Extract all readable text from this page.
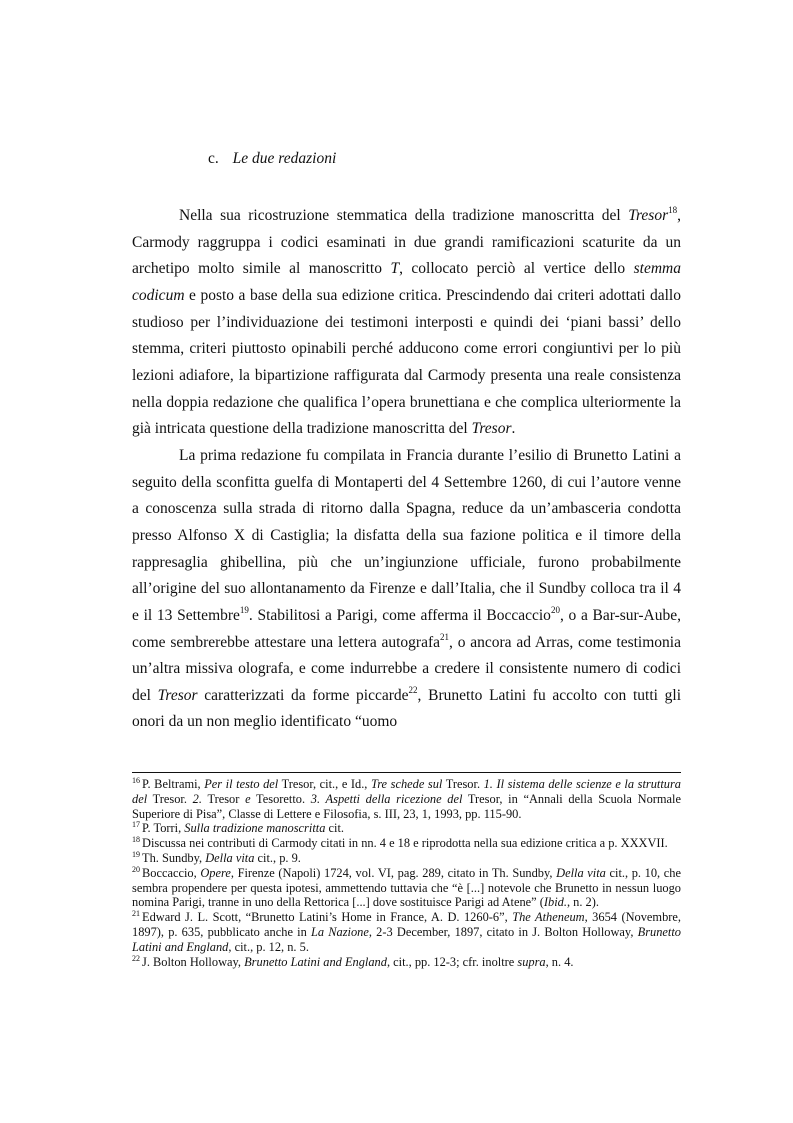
c. Le due redazioni

Nella sua ricostruzione stemmatica della tradizione manoscritta del Tresor$^{18}$, Carmody raggruppa i codici esaminati in due grandi ramificazioni scaturite da un archetipo molto simile al manoscritto T, collocato perciò al vertice dello stemma codicum e posto a base della sua edizione critica. Prescindendo dai criteri adottati dallo studioso per l’individuazione dei testimoni interposti e quindi dei ‘piani bassi’ dello stemma, criteri piuttosto opinabili perché adducono come errori congiuntivi per lo più lezioni adiafore, la bipartizione raffigurata dal Carmody presenta una reale consistenza nella doppia redazione che qualifica l’opera brunettiana e che complica ulteriormente la già intricata questione della tradizione manoscritta del Tresor.

La prima redazione fu compilata in Francia durante l’esilio di Brunetto Latini a seguito della sconfitta guelfa di Montaperti del 4 Settembre 1260, di cui l’autore venne a conoscenza sulla strada di ritorno dalla Spagna, reduce da un’ambasceria condotta presso Alfonso X di Castiglia; la disfatta della sua fazione politica e il timore della rappresaglia ghibellina, più che un’ingiunzione ufficiale, furono probabilmente all’origine del suo allontanamento da Firenze e dall’Italia, che il Sundby colloca tra il 4 e il 13 Settembre$^{19}$. Stabilitosi a Parigi, come afferma il Boccaccio$^{20}$, o a Bar-sur-Aube, come sembrerebbe attestare una lettera autografa$^{21}$, o ancora ad Arras, come testimonia un’altra missiva olografa, e come indurrebbe a credere il consistente numero di codici del Tresor caratterizzati da forme piccarde$^{22}$, Brunetto Latini fu accolto con tutti gli onori da un non meglio identificato “uomo

$^{16}$ P. Beltrami, Per il testo del Tresor, cit., e Id., Tre schede sul Tresor. 1. Il sistema delle scienze e la struttura del Tresor. 2. Tresor e Tesoretto. 3. Aspetti della ricezione del Tresor, in “Annali della Scuola Normale Superiore di Pisa”, Classe di Lettere e Filosofia, s. III, 23, 1, 1993, pp. 115-90.

$^{17}$ P. Torri, Sulla tradizione manoscritta cit.

$^{18}$ Discussa nei contributi di Carmody citati in nn. 4 e 18 e riprodotta nella sua edizione critica a p. XXXVII.

$^{19}$ Th. Sundby, Della vita cit., p. 9.

$^{20}$ Boccaccio, Opere, Firenze (Napoli) 1724, vol. VI, pag. 289, citato in Th. Sundby, Della vita cit., p. 10, che sembra propendere per questa ipotesi, ammettendo tuttavia che “è [...] notevole che Brunetto in nessun luogo nomina Parigi, tranne in uno della Rettorica [...] dove sostituisce Parigi ad Atene” (Ibid., n. 2).

$^{21}$ Edward J. L. Scott, “Brunetto Latini’s Home in France, A. D. 1260-6”, The Atheneum, 3654 (Novembre, 1897), p. 635, pubblicato anche in La Nazione, 2-3 December, 1897, citato in J. Bolton Holloway, Brunetto Latini and England, cit., p. 12, n. 5.

$^{22}$ J. Bolton Holloway, Brunetto Latini and England, cit., pp. 12-3; cfr. inoltre supra, n. 4.
